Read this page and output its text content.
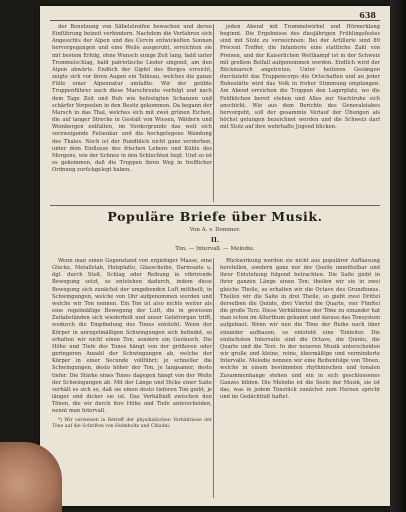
638

der Benutzung von Säbelstreifen bewachen und deren Einführung beizeit verhindern. Nachdem die Verfahren sich Angesichts der Alpen und des Cervin entwickelten Sonnen hervorgegangen und eine Weile ausgeruht, erreichten sie mit bestem Erfolg, ohne Wunsch einige Zeit lang, bald unter Trommelschlag, bald patriotische Lieder singend, am den Alpen abwärts. Endlich der Gipfel des Berges erreicht, zeigte sich vor ihren Augen ein Tableau, welches die ganze Fülle einer Alpennatur umfaßte. Wir der geübte Truppenführer auch diese Marschroute verfolgt und nach dem Tage Zeit und Ruh wie befestigten Schanzen und schärfer Vorposten in den Besitz gekommen. Da begann der Marsch in das Thal, welches sich mit zwei grünen Eichen, die auf langer Strecke in Gestalt von Wiesen, Wäldern und Weinbergen entfalten, im Vordergrunde das weit sich verzweigende Felsenkar und die hochgelegene Wandung des Thales. Noch ist der Rundblick nicht ganz verdorben, unter dem Einflusse des frischen Lebens und Kühle des Morgens, wie der Schnee in den Schluchten liegt. Und so ist es gekommen, daß die Truppen ihren Weg in trefflicher Ordnung zurückgelegt haben.

jeden Abend mit Trommelwirbel und Hörnerklang beginnt. Die Ergebnisse des diesjährigen Frühlingsfestes sind mit Stolz zu verzeichnen: Bei der Artillerie sind 89 Procent Treffer, die Infanterie eine stattliche Zahl von Preisen, und der Kaiserlichen Wettkampf ist in der Schweiz mit großem Beifall aufgenommen worden. Endlich wird der Rückmarsch angetreten. Unter heiteren Gesängen durchzieht das Truppencorps die Ortschaften und an jeder Ruhestätte wird das Volk in froher Stimmung empfangen. Am Abend erreichen die Truppen den Lagerplatz, wo die Feldküchen bereit stehen und Alles zur Nachtruhe sich anschickt. Wie aus dem Berichte des Generalstabes hervorgeht, soll der gesammte Verlauf der Übungen als höchst gelungen bezeichnet werden und die Schweiz darf mit Stolz auf ihre wehrhafte Jugend blicken.

Populäre Briefe über Musik.
Von A. v. Dommer.
II.
Ton. — Intervall. — Melodie.

Wenn man einen Gegenstand von ergiebiger Masse, eine Glocke, Metallstab, Holzplatte, Glasscheibe, Darmsaite u. dgl. durch Stoß, Schlag oder Reibung in vibrirende Bewegung setzt, so entstehen dadurch, indem diese Bewegung sich zunächst der umgebenden Luft mittheilt, in Schwingungen, welche von Ohr aufgenommen werden und welche wir Ton nennen. Ein Ton ist also nichts weiter als eine regelmäßige Bewegung der Luft, die in gewissen Zeitabständen sich wiederholt und unser Gehörorgan trifft, wodurch die Empfindung des Tones entsteht. Wenn der Körper in unregelmäßigen Schwingungen sich befindet, so erhalten wir nicht einen Ton, sondern ein Geräusch. Die Höhe und Tiefe des Tones hängt von der größeren oder geringeren Anzahl der Schwingungen ab, welche der Körper in einer Secunde vollführt; je schneller die Schwingungen, desto höher der Ton, je langsamer, desto tiefer. Die Stärke eines Tones dagegen hängt von der Weite der Schwingungen ab. Mit der Länge und Dicke einer Saite verhält es sich so, daß sie einen desto tieferen Ton giebt, je länger und dicker sie ist. Das Verhältniß zwischen den Tönen, die wir durch ihre Höhe und Tiefe unterscheiden, nennt man Intervall.

*) Wir verweisen in Betreff der physikalischen Verhältnisse der Töne auf die Schriften von Helmholtz und Chladni.

Rückwirkung werden sie nicht aus populärer Auffassung herstellen, sondern ganz nur der Quelle unmittelbar und ihrer Entstehung folgend betrachten. Die Saite giebt in ihrer ganzen Länge einen Ton; theilen wir sie in zwei gleiche Theile, so erhalten wir die Octave des Grundtones. Theilen wir die Saite in drei Theile, so giebt zwei Drittel derselben die Quinte, drei Viertel die Quarte, vier Fünftel die große Terz. Diese Verhältnisse der Töne zu einander hat man schon im Alterthum gekannt und daraus das Tonsystem aufgebaut. Wenn wir nun die Töne der Reihe nach über einander aufbauen, so entsteht eine Tonleiter. Die einfachsten Intervalle sind die Octave, die Quinte, die Quarte und die Terz. In der neueren Musik unterscheiden wir große und kleine, reine, übermäßige und verminderte Intervalle. Melodie nennen wir eine Reihenfolge von Tönen, welche in einem bestimmten rhythmischen und tonalen Zusammenhange stehen und ein in sich geschlossenes Ganzes bilden. Die Melodie ist die Seele der Musik, sie ist das, was in jedem Tonstück zunächst zum Herzen spricht und im Gedächtniß haftet.
